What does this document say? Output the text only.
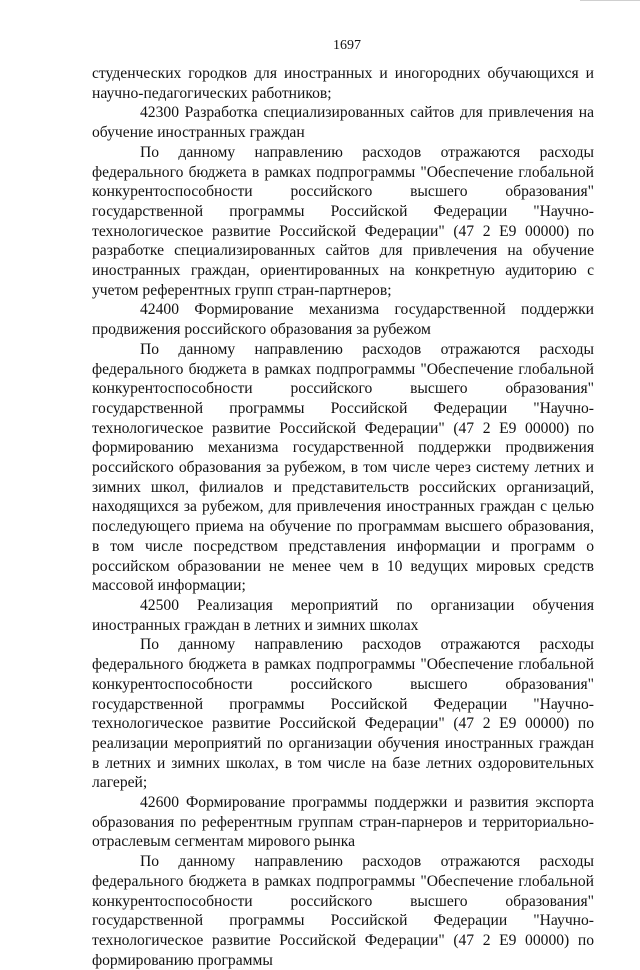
1697

студенческих городков для иностранных и иногородних обучающихся и научно-педагогических работников;

42300 Разработка специализированных сайтов для привлечения на обучение иностранных граждан

По данному направлению расходов отражаются расходы федерального бюджета в рамках подпрограммы "Обеспечение глобальной конкурентоспособности российского высшего образования" государственной программы Российской Федерации "Научно-технологическое развитие Российской Федерации" (47 2 Е9 00000) по разработке специализированных сайтов для привлечения на обучение иностранных граждан, ориентированных на конкретную аудиторию с учетом референтных групп стран-партнеров;

42400 Формирование механизма государственной поддержки продвижения российского образования за рубежом

По данному направлению расходов отражаются расходы федерального бюджета в рамках подпрограммы "Обеспечение глобальной конкурентоспособности российского высшего образования" государственной программы Российской Федерации "Научно-технологическое развитие Российской Федерации" (47 2 Е9 00000) по формированию механизма государственной поддержки продвижения российского образования за рубежом, в том числе через систему летних и зимних школ, филиалов и представительств российских организаций, находящихся за рубежом, для привлечения иностранных граждан с целью последующего приема на обучение по программам высшего образования, в том числе посредством представления информации и программ о российском образовании не менее чем в 10 ведущих мировых средств массовой информации;

42500 Реализация мероприятий по организации обучения иностранных граждан в летних и зимних школах

По данному направлению расходов отражаются расходы федерального бюджета в рамках подпрограммы "Обеспечение глобальной конкурентоспособности российского высшего образования" государственной программы Российской Федерации "Научно-технологическое развитие Российской Федерации" (47 2 Е9 00000) по реализации мероприятий по организации обучения иностранных граждан в летних и зимних школах, в том числе на базе летних оздоровительных лагерей;

42600 Формирование программы поддержки и развития экспорта образования по референтным группам стран-парнеров и территориально-отраслевым сегментам мирового рынка

По данному направлению расходов отражаются расходы федерального бюджета в рамках подпрограммы "Обеспечение глобальной конкурентоспособности российского высшего образования" государственной программы Российской Федерации "Научно-технологическое развитие Российской Федерации" (47 2 Е9 00000) по формированию программы
